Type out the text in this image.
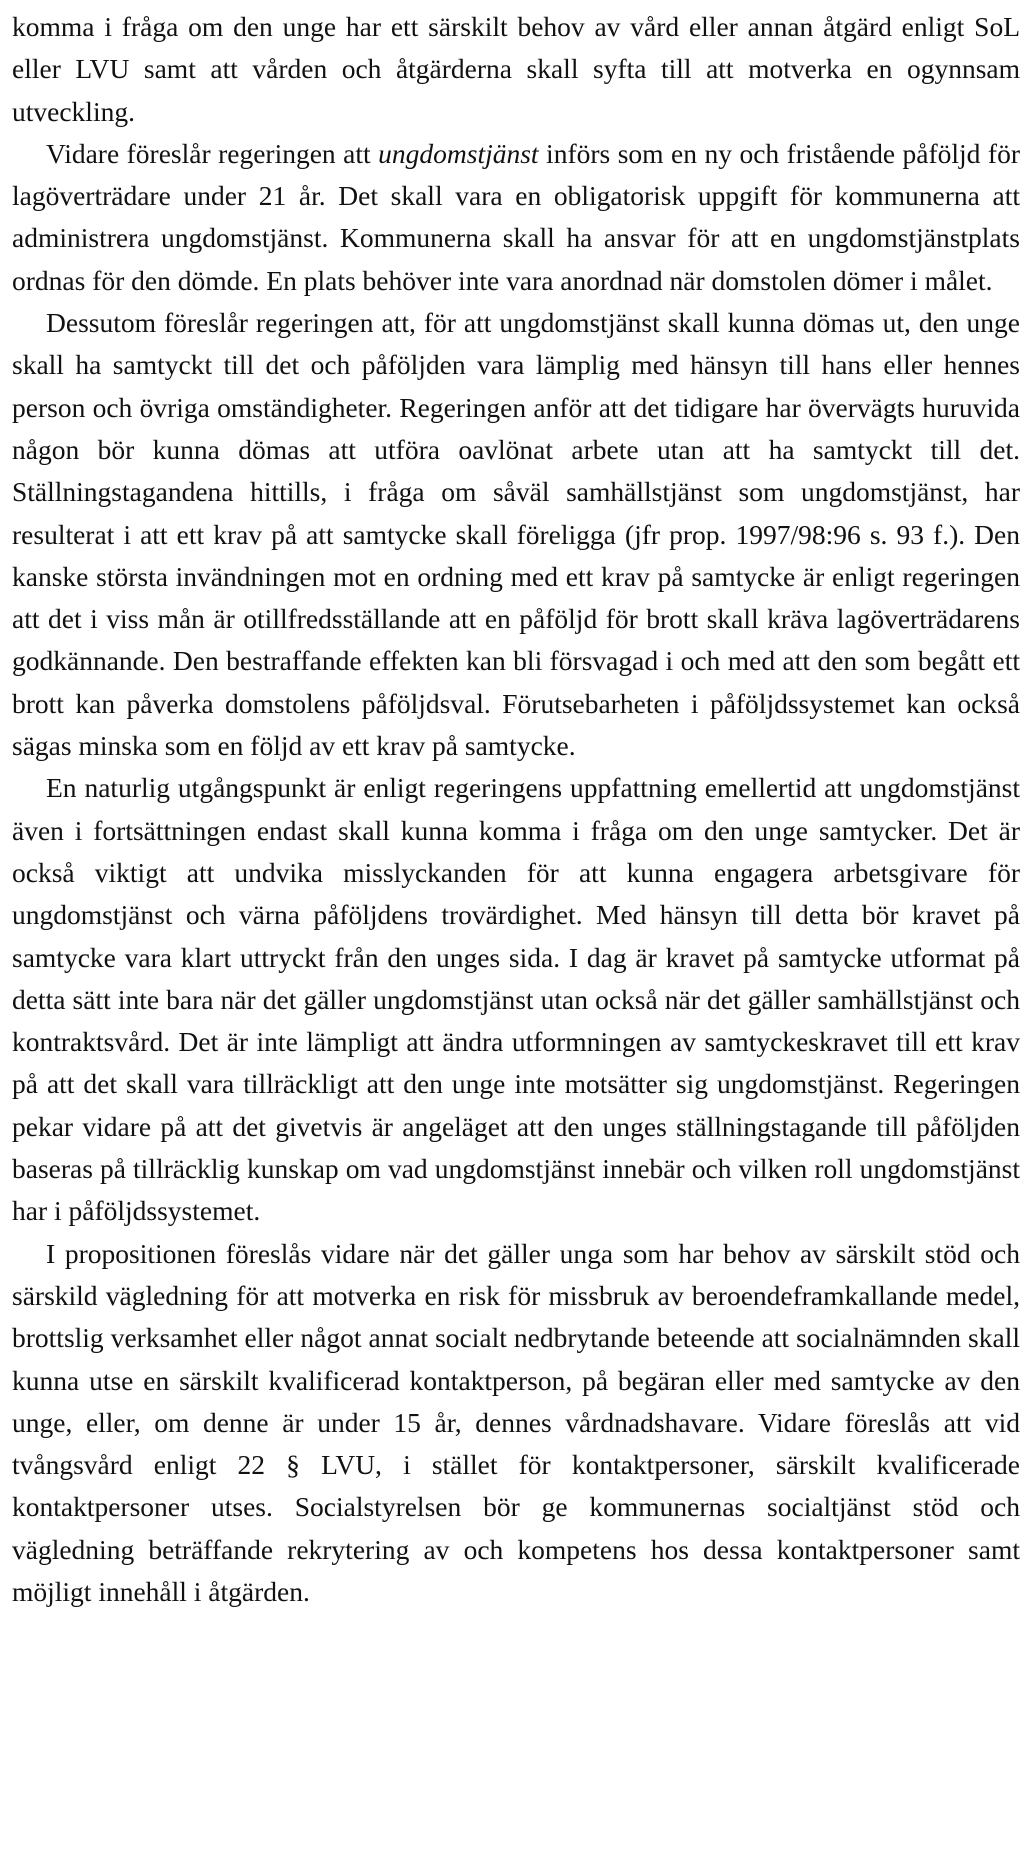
komma i fråga om den unge har ett särskilt behov av vård eller annan åtgärd enligt SoL eller LVU samt att vården och åtgärderna skall syfta till att motverka en ogynnsam utveckling.

Vidare föreslår regeringen att ungdomstjänst införs som en ny och fristående påföljd för lagöverträdare under 21 år. Det skall vara en obligatorisk uppgift för kommunerna att administrera ungdomstjänst. Kommunerna skall ha ansvar för att en ungdomstjänstplats ordnas för den dömde. En plats behöver inte vara anordnad när domstolen dömer i målet.

Dessutom föreslår regeringen att, för att ungdomstjänst skall kunna dömas ut, den unge skall ha samtyckt till det och påföljden vara lämplig med hänsyn till hans eller hennes person och övriga omständigheter. Regeringen anför att det tidigare har övervägts huruvida någon bör kunna dömas att utföra oavlönat arbete utan att ha samtyckt till det. Ställningstagandena hittills, i fråga om såväl samhällstjänst som ungdomstjänst, har resulterat i att ett krav på att samtycke skall föreligga (jfr prop. 1997/98:96 s. 93 f.). Den kanske största invändningen mot en ordning med ett krav på samtycke är enligt regeringen att det i viss mån är otillfredsställande att en påföljd för brott skall kräva lagöverträdarens godkännande. Den bestraffande effekten kan bli försvagad i och med att den som begått ett brott kan påverka domstolens påföljdsval. Förutsebarheten i påföljdssystemet kan också sägas minska som en följd av ett krav på samtycke.

En naturlig utgångspunkt är enligt regeringens uppfattning emellertid att ungdomstjänst även i fortsättningen endast skall kunna komma i fråga om den unge samtycker. Det är också viktigt att undvika misslyckanden för att kunna engagera arbetsgivare för ungdomstjänst och värna påföljdens trovärdighet. Med hänsyn till detta bör kravet på samtycke vara klart uttryckt från den unges sida. I dag är kravet på samtycke utformat på detta sätt inte bara när det gäller ungdomstjänst utan också när det gäller samhällstjänst och kontraktsvård. Det är inte lämpligt att ändra utformningen av samtyckeskravet till ett krav på att det skall vara tillräckligt att den unge inte motsätter sig ungdomstjänst. Regeringen pekar vidare på att det givetvis är angeläget att den unges ställningstagande till påföljden baseras på tillräcklig kunskap om vad ungdomstjänst innebär och vilken roll ungdomstjänst har i påföljdssystemet.

I propositionen föreslås vidare när det gäller unga som har behov av särskilt stöd och särskild vägledning för att motverka en risk för missbruk av beroendeframkallande medel, brottslig verksamhet eller något annat socialt nedbrytande beteende att socialnämnden skall kunna utse en särskilt kvalificerad kontaktperson, på begäran eller med samtycke av den unge, eller, om denne är under 15 år, dennes vårdnadshavare. Vidare föreslås att vid tvångsvård enligt 22 § LVU, i stället för kontaktpersoner, särskilt kvalificerade kontaktpersoner utses. Socialstyrelsen bör ge kommunernas socialtjänst stöd och vägledning beträffande rekrytering av och kompetens hos dessa kontaktpersoner samt möjligt innehåll i åtgärden.
